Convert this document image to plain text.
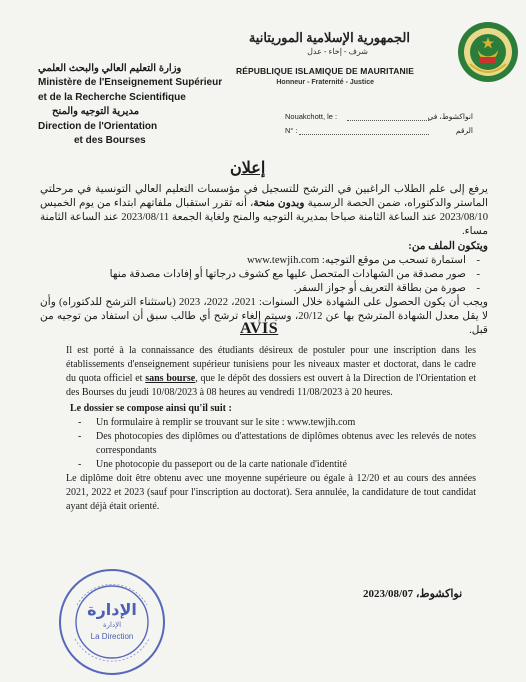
الجمهورية الإسلامية الموريتانية
شرف - إخاء - عدل
RÉPUBLIQUE ISLAMIQUE DE MAURITANIE
Honneur - Fraternité - Justice
وزارة التعليم العالي والبحث العلمي
Ministère de l'Enseignement Supérieur
et de la Recherche Scientifique
مديرية التوجيه والمنح
Direction de l'Orientation
et des Bourses
Nouakchott, le :	انواكشوط، في
N° :	الرقم
إعلان

يرفع إلى علم الطلاب الراغبين في الترشح للتسجيل في مؤسسات التعليم العالي التونسية في مرحلتي الماستر والدكتوراه، ضمن الحصة الرسمية وبدون منحة، أنه تقرر استقبال ملفاتهم ابتداء من يوم الخميس 2023/08/10 عند الساعة الثامنة صباحا بمديرية التوجيه والمنح ولغاية الجمعة 2023/08/11 عند الساعة الثامنة مساء.

ويتكون الملف من:

- استمارة تسحب من موقع التوجيه: www.tewjih.com
- صور مصدقة من الشهادات المتحصل عليها مع كشوف درجاتها أو إفادات مصدقة منها
- صورة من بطاقة التعريف أو جواز السفر.

ويجب أن يكون الحصول على الشهادة خلال السنوات: 2021، 2022، 2023 (باستثناء الترشح للدكتوراه) وأن لا يقل معدل الشهادة المترشح بها عن 20/12، وسيتم إلغاء ترشح أي طالب سبق أن استفاد من توجيه من قبل.

AVIS

Il est porté à la connaissance des étudiants désireux de postuler pour une inscription dans les établissements d'enseignement supérieur tunisiens pour les niveaux master et doctorat, dans le cadre du quota officiel et sans bourse, que le dépôt des dossiers est ouvert à la Direction de l'Orientation et des Bourses du jeudi 10/08/2023 à 08 heures au vendredi 11/08/2023 à 20 heures.

Le dossier se compose ainsi qu'il suit :

- Un formulaire à remplir se trouvant sur le site : www.tewjih.com
- Des photocopies des diplômes ou d'attestations de diplômes obtenus avec les relevés de notes correspondants
- Une photocopie du passeport ou de la carte nationale d'identité

Le diplôme doit être obtenu avec une moyenne supérieure ou égale à 12/20 et au cours des années 2021, 2022 et 2023 (sauf pour l'inscription au doctorat). Sera annulée, la candidature de tout candidat ayant déjà était orienté.

نواكشوط، 2023/08/07
الإدارة
الإدارة
La Direction
